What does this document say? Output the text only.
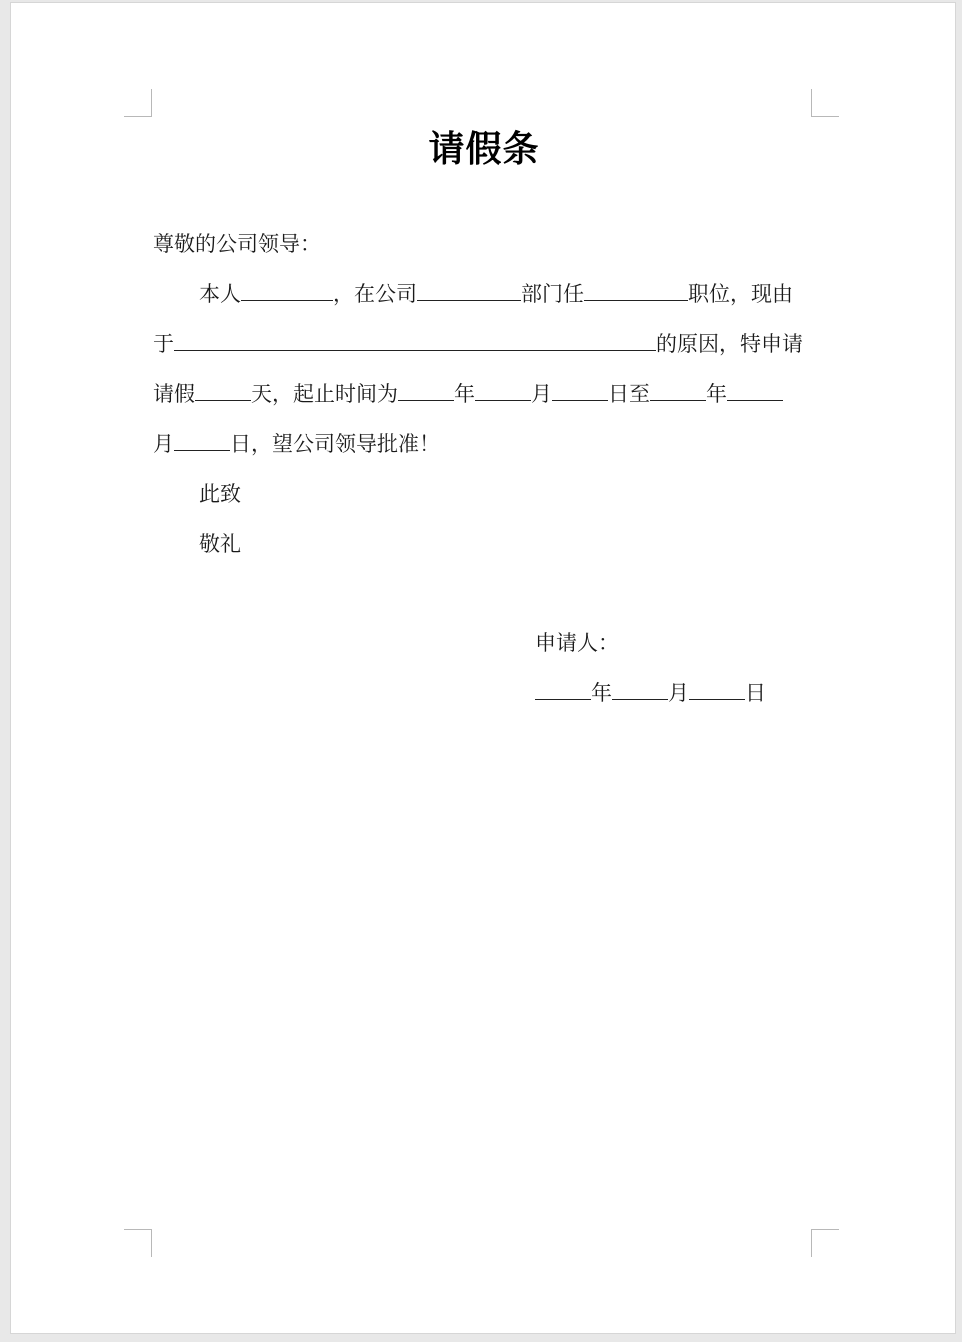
请假条
尊敬的公司领导：
本人	，在公司	部门任	职位，现由
于	的原因，特申请
请假	天，起止时间为	年	月	日至	年
月	日，望公司领导批准！
此致
敬礼
申请人：
年	月	日
